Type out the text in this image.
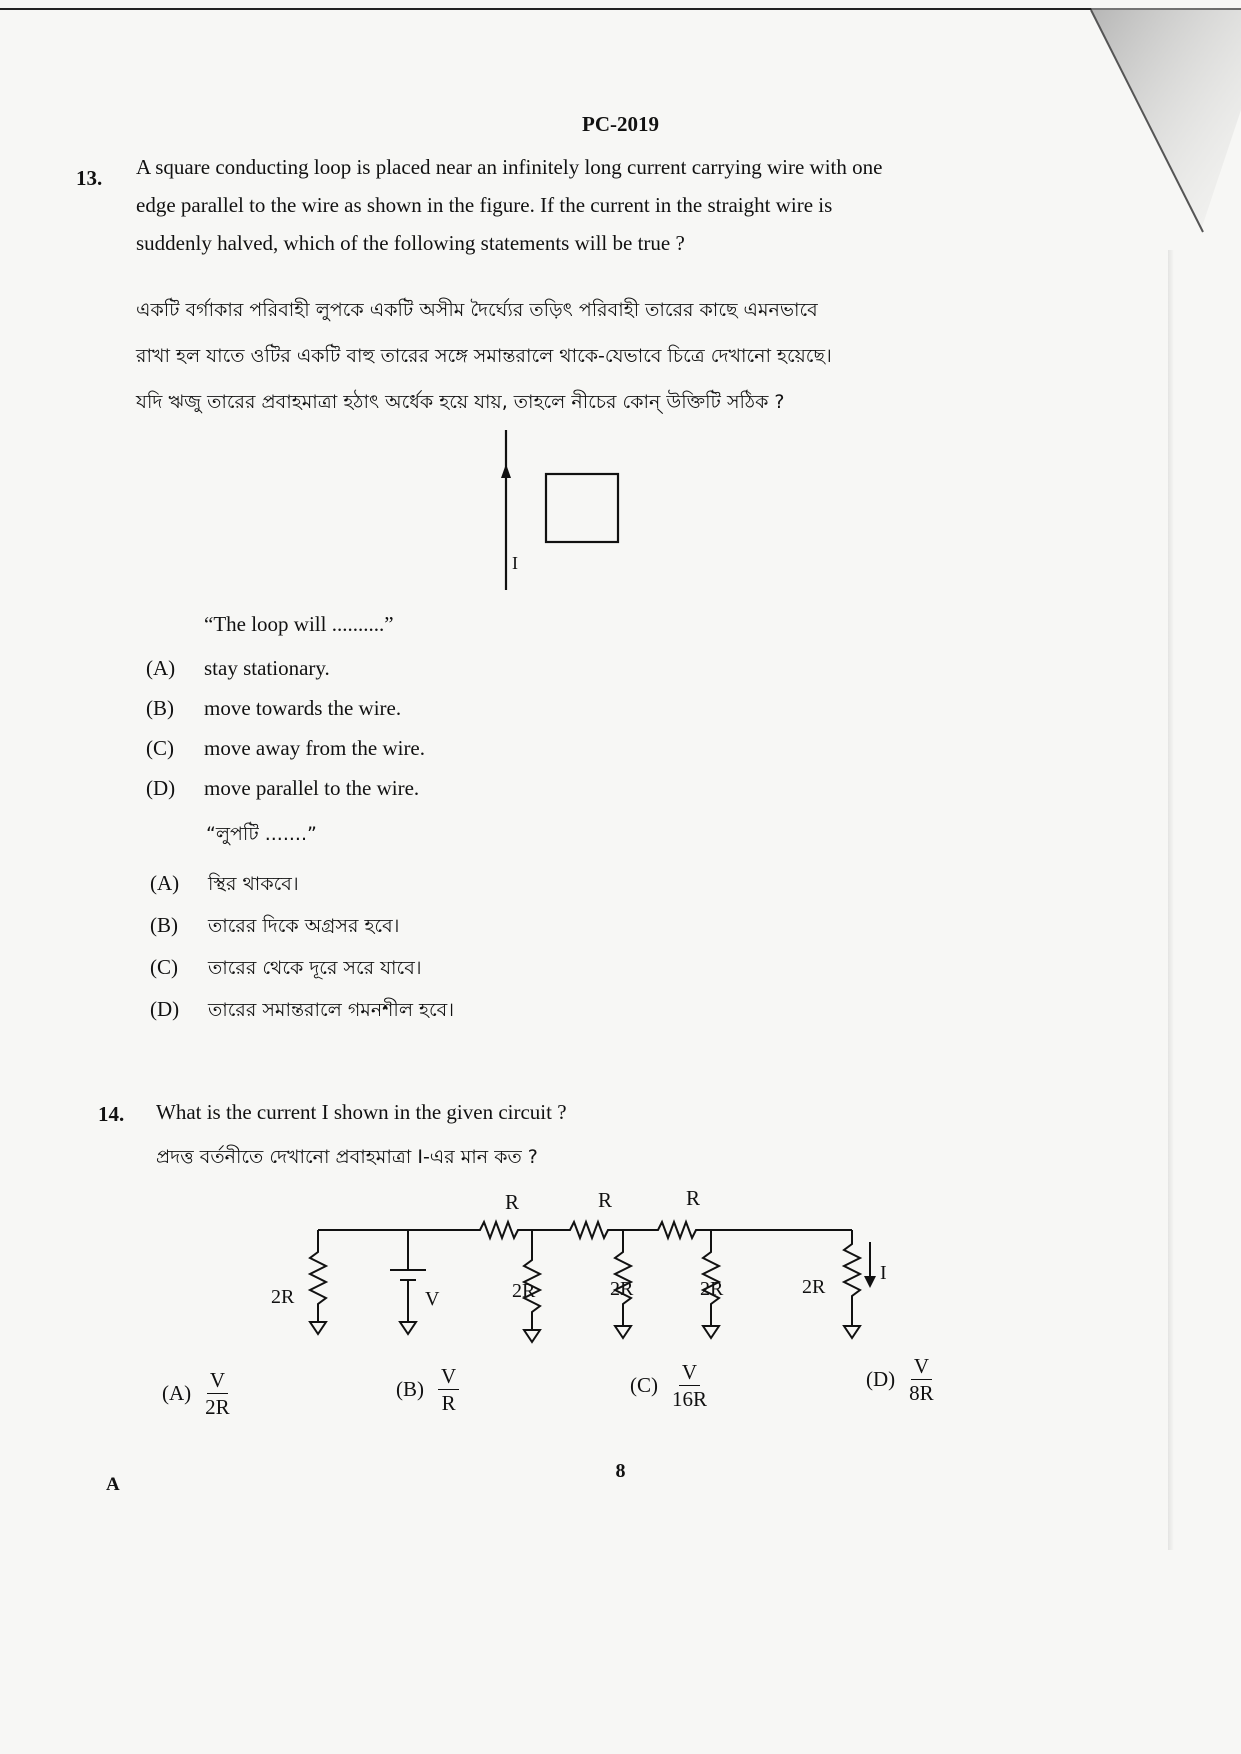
PC-2019
13. A square conducting loop is placed near an infinitely long current carrying wire with one
edge parallel to the wire as shown in the figure. If the current in the straight wire is
suddenly halved, which of the following statements will be true ?
একটি বর্গাকার পরিবাহী লুপকে একটি অসীম দৈর্ঘ্যের তড়িৎ পরিবাহী তারের কাছে এমনভাবে
রাখা হল যাতে ওটির একটি বাহু তারের সঙ্গে সমান্তরালে থাকে-যেভাবে চিত্রে দেখানো হয়েছে।
যদি ঋজু তারের প্রবাহমাত্রা হঠাৎ অর্ধেক হয়ে যায়, তাহলে নীচের কোন্ উক্তিটি সঠিক ?
I
“The loop will ..........”
(A) stay stationary.
(B) move towards the wire.
(C) move away from the wire.
(D) move parallel to the wire.
“লুপটি .......”
(A) স্থির থাকবে।
(B) তারের দিকে অগ্রসর হবে।
(C) তারের থেকে দূরে সরে যাবে।
(D) তারের সমান্তরালে গমনশীল হবে।
14. What is the current I shown in the given circuit ?
প্রদত্ত বর্তনীতে দেখানো প্রবাহমাত্রা I-এর মান কত ?
R	R	R
2R	V	2R	2R	2R	2R
I
$(A) \frac{V}{2R}$	$(B) \frac{V}{R}$	$(C) \frac{V}{16R}$	$(D) \frac{V}{8R}$
8
A
